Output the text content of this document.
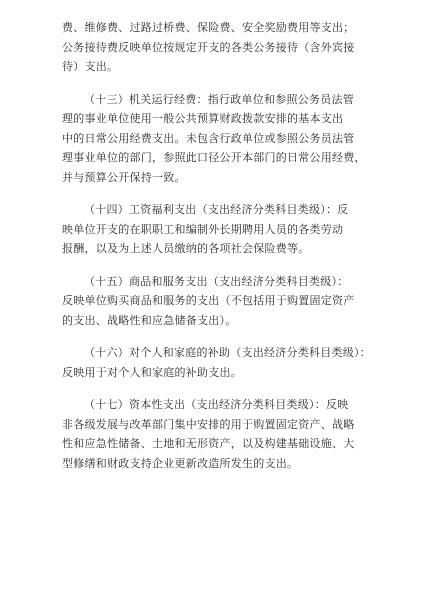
费、维修费、过路过桥费、保险费、安全奖励费用等支出；
公务接待费反映单位按规定开支的各类公务接待（含外宾接
待）支出。

（十三）机关运行经费：指行政单位和参照公务员法管
理的事业单位使用一般公共预算财政拨款安排的基本支出
中的日常公用经费支出。未包含行政单位或参照公务员法管
理事业单位的部门，参照此口径公开本部门的日常公用经费，
并与预算公开保持一致。

（十四）工资福利支出（支出经济分类科目类级）：反
映单位开支的在职职工和编制外长期聘用人员的各类劳动
报酬，以及为上述人员缴纳的各项社会保险费等。

（十五）商品和服务支出（支出经济分类科目类级）：
反映单位购买商品和服务的支出（不包括用于购置固定资产
的支出、战略性和应急储备支出）。

（十六）对个人和家庭的补助（支出经济分类科目类级）：
反映用于对个人和家庭的补助支出。

（十七）资本性支出（支出经济分类科目类级）：反映
非各级发展与改革部门集中安排的用于购置固定资产、战略
性和应急性储备、土地和无形资产，以及构建基础设施、大
型修缮和财政支持企业更新改造所发生的支出。
